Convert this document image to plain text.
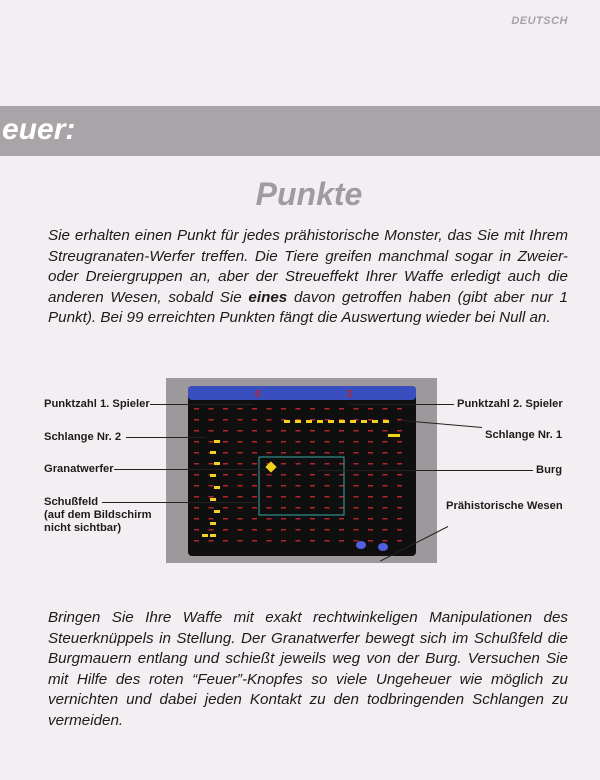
DEUTSCH
euer:
Punkte
Sie erhalten einen Punkt für jedes prähistorische Monster, das Sie mit Ihrem Streugranaten-Werfer treffen. Die Tiere greifen manchmal sogar in Zweier- oder Dreiergruppen an, aber der Streueffekt Ihrer Waffe erledigt auch die anderen Wesen, sobald Sie eines davon getroffen haben (gibt aber nur 1 Punkt). Bei 99 erreichten Punkten fängt die Auswertung wieder bei Null an.
0	2
Punktzahl 1. Spieler	Punktzahl 2. Spieler
Schlange Nr. 2	Schlange Nr. 1
Granatwerfer	Burg
Schußfeld
(auf dem Bildschirm
nicht sichtbar)
Prähistorische Wesen
Bringen Sie Ihre Waffe mit exakt rechtwinkeligen Manipulationen des Steuerknüppels in Stellung. Der Granatwerfer bewegt sich im Schußfeld die Burgmauern entlang und schießt jeweils weg von der Burg. Versuchen Sie mit Hilfe des roten “Feuer”-Knopfes so viele Ungeheuer wie möglich zu vernichten und dabei jeden Kontakt zu den todbringenden Schlangen zu vermeiden.
